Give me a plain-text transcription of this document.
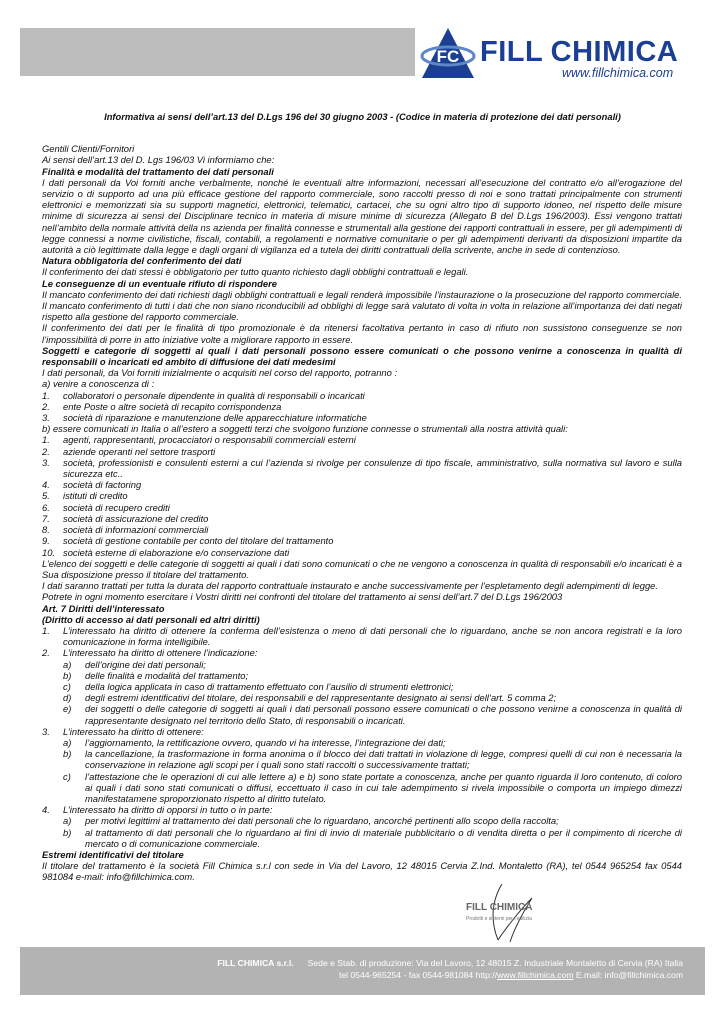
FC FILL CHIMICA
www.fillchimica.com

Informativa ai sensi dell’art.13 del D.Lgs 196 del 30 giugno 2003 - (Codice in materia di protezione dei dati personali)

Gentili Clienti/Fornitori

Ai sensi dell’art.13 del D. Lgs 196/03 Vi informiamo che:

Finalità e modalità del trattamento dei dati personali

I dati personali da Voi forniti anche verbalmente, nonché le eventuali altre informazioni, necessari all’esecuzione del contratto e/o all’erogazione del servizio o di supporto ad una più efficace gestione del rapporto commerciale, sono raccolti presso di noi e sono trattati principalmente con strumenti elettronici e memorizzati sia su supporti magnetici, elettronici, telematici, cartacei, che su ogni altro tipo di supporto idoneo, nel rispetto delle misure minime di sicurezza ai sensi del Disciplinare tecnico in materia di misure minime di sicurezza (Allegato B del D.Lgs 196/2003). Essi vengono trattati nell’ambito della normale attività della ns azienda per finalità connesse e strumentali alla gestione dei rapporti contrattuali in essere, per gli adempimenti di legge connessi a norme civilistiche, fiscali, contabili, a regolamenti e normative comunitarie o per gli adempimenti derivanti da disposizioni impartite da autorità a ciò legittimate dalla legge e dagli organi di vigilanza ed a tutela dei diritti contrattuali della scrivente, anche in sede di contenzioso.

Natura obbligatoria del conferimento dei dati

Il conferimento dei dati stessi è obbligatorio per tutto quanto richiesto dagli obblighi contrattuali e legali.

Le conseguenze di un eventuale rifiuto di rispondere

Il mancato conferimento dei dati richiesti dagli obblighi contrattuali e legali renderà impossibile l’instaurazione o la prosecuzione del rapporto commerciale. Il mancato conferimento di tutti i dati che non siano riconducibili ad obblighi di legge sarà valutato di volta in volta in relazione all’importanza dei dati negati rispetto alla gestione del rapporto commerciale.

Il conferimento dei dati per le finalità di tipo promozionale è da ritenersi facoltativa pertanto in caso di rifiuto non sussistono conseguenze se non l’impossibilità di porre in atto iniziative volte a migliorare rapporto in essere.

Soggetti e categorie di soggetti ai quali i dati personali possono essere comunicati o che possono venirne a conoscenza in qualità di responsabili o incaricati ed ambito di diffusione dei dati medesimi

I dati personali, da Voi forniti inizialmente o acquisiti nel corso del rapporto, potranno :

a) venire a conoscenza di :

1. collaboratori o personale dipendente in qualità di responsabili o incaricati
2. ente Poste o altre società di recapito corrispondenza
3. società di riparazione e manutenzione delle apparecchiature informatiche

b) essere comunicati in Italia o all’estero a soggetti terzi che svolgono funzione connesse o strumentali alla nostra attività quali:

1. agenti, rappresentanti, procacciatori o responsabili commerciali esterni
2. aziende operanti nel settore trasporti
3. società, professionisti e consulenti esterni a cui l’azienda si rivolge per consulenze di tipo fiscale, amministrativo, sulla normativa sul lavoro e sulla sicurezza etc..
4. società di factoring
5. istituti di credito
6. società di recupero crediti
7. società di assicurazione del credito
8. società di informazioni commerciali
9. società di gestione contabile per conto del titolare del trattamento
10. società esterne di elaborazione e/o conservazione dati

L’elenco dei soggetti e delle categorie di soggetti ai quali i dati sono comunicati o che ne vengono a conoscenza in qualità di responsabili e/o incaricati è a Sua disposizione presso il titolare del trattamento.

I dati saranno trattati per tutta la durata del rapporto contrattuale instaurato e anche successivamente per l’espletamento degli adempimenti di legge.

Potrete in ogni momento esercitare i Vostri diritti nei confronti del titolare del trattamento ai sensi dell’art.7 del D.Lgs 196/2003

Art. 7 Diritti dell’interessato

(Diritto di accesso ai dati personali ed altri diritti)

1. L’interessato ha diritto di ottenere la conferma dell’esistenza o meno di dati personali che lo riguardano, anche se non ancora registrati e la loro comunicazione in forma intelligibile.
2. L’interessato ha diritto di ottenere l’indicazione:
a) dell’origine dei dati personali;
b) delle finalità e modalità del trattamento;
c) della logica applicata in caso di trattamento effettuato con l’ausilio di strumenti elettronici;
d) degli estremi identificativi del titolare, dei responsabili e del rappresentante designato ai sensi dell’art. 5 comma 2;
e) dei soggetti o delle categorie di soggetti ai quali i dati personali possono essere comunicati o che possono venirne a conoscenza in qualità di rappresentante designato nel territorio dello Stato, di responsabili o incaricati.
3. L’interessato ha diritto di ottenere:
a) l’aggiornamento, la rettificazione ovvero, quando vi ha interesse, l’integrazione dei dati;
b) la cancellazione, la trasformazione in forma anonima o il blocco dei dati trattati in violazione di legge, compresi quelli di cui non è necessaria la conservazione in relazione agli scopi per i quali sono stati raccolti o successivamente trattati;
c) l’attestazione che le operazioni di cui alle lettere a) e b) sono state portate a conoscenza, anche per quanto riguarda il loro contenuto, di coloro ai quali i dati sono stati comunicati o diffusi, eccettuato il caso in cui tale adempimento si rivela impossibile o comporta un impiego dimezzi manifestatamene sproporzionato rispetto al diritto tutelato.
4. L’interessato ha diritto di opporsi in tutto o in parte:
a) per motivi legittimi al trattamento dei dati personali che lo riguardano, ancorché pertinenti allo scopo della raccolta;
b) al trattamento di dati personali che lo riguardano ai fini di invio di materiale pubblicitario o di vendita diretta o per il compimento di ricerche di mercato o di comunicazione commerciale.

Estremi identificativi del titolare

Il titolare del trattamento è la società Fill Chimica s.r.l con sede in Via del Lavoro, 12 48015 Cervia Z.Ind. Montaletto (RA), tel 0544 965254 fax 0544 981084 e-mail: info@fillchimica.com.

FILL CHIMICA
Prodotti e sistemi per l’edilizia
FILL CHIMICA s.r.l. Sede e Stab. di produzione: Via del Lavoro, 12 48015 Z. Industriale Montaletto di Cervia (RA) Italia
tel 0544-965254 - fax 0544-981084 http://www.fillchimica.com E.mail: info@fillchimica.com
